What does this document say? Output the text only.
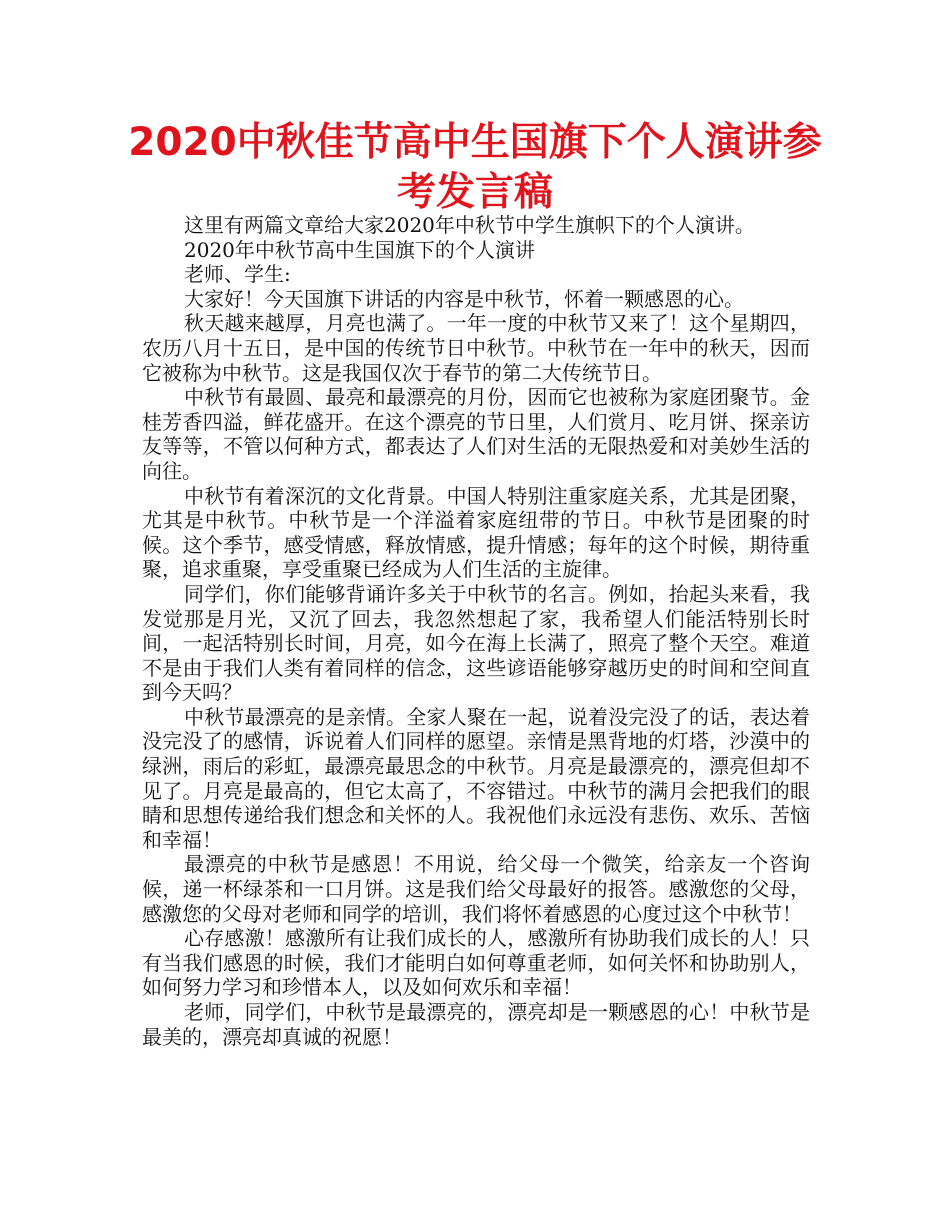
2020中秋佳节高中生国旗下个人演讲参考发言稿

这里有两篇文章给大家2020年中秋节中学生旗帜下的个人演讲。

2020年中秋节高中生国旗下的个人演讲

老师、学生:

大家好！今天国旗下讲话的内容是中秋节，怀着一颗感恩的心。

秋天越来越厚，月亮也满了。一年一度的中秋节又来了！这个星期四，农历八月十五日，是中国的传统节日中秋节。中秋节在一年中的秋天，因而它被称为中秋节。这是我国仅次于春节的第二大传统节日。

中秋节有最圆、最亮和最漂亮的月份，因而它也被称为家庭团聚节。金桂芳香四溢，鲜花盛开。在这个漂亮的节日里，人们赏月、吃月饼、探亲访友等等，不管以何种方式，都表达了人们对生活的无限热爱和对美妙生活的向往。

中秋节有着深沉的文化背景。中国人特别注重家庭关系，尤其是团聚，尤其是中秋节。中秋节是一个洋溢着家庭纽带的节日。中秋节是团聚的时候。这个季节，感受情感，释放情感，提升情感；每年的这个时候，期待重聚，追求重聚，享受重聚已经成为人们生活的主旋律。

同学们，你们能够背诵许多关于中秋节的名言。例如，抬起头来看，我发觉那是月光，又沉了回去，我忽然想起了家，我希望人们能活特别长时间，一起活特别长时间，月亮，如今在海上长满了，照亮了整个天空。难道不是由于我们人类有着同样的信念，这些谚语能够穿越历史的时间和空间直到今天吗？

中秋节最漂亮的是亲情。全家人聚在一起，说着没完没了的话，表达着没完没了的感情，诉说着人们同样的愿望。亲情是黑背地的灯塔，沙漠中的绿洲，雨后的彩虹，最漂亮最思念的中秋节。月亮是最漂亮的，漂亮但却不见了。月亮是最高的，但它太高了，不容错过。中秋节的满月会把我们的眼睛和思想传递给我们想念和关怀的人。我祝他们永远没有悲伤、欢乐、苦恼和幸福！

最漂亮的中秋节是感恩！不用说，给父母一个微笑，给亲友一个咨询候，递一杯绿茶和一口月饼。这是我们给父母最好的报答。感激您的父母，感激您的父母对老师和同学的培训，我们将怀着感恩的心度过这个中秋节！

心存感激！感激所有让我们成长的人，感激所有协助我们成长的人！只有当我们感恩的时候，我们才能明白如何尊重老师，如何关怀和协助别人，如何努力学习和珍惜本人，以及如何欢乐和幸福！

老师，同学们，中秋节是最漂亮的，漂亮却是一颗感恩的心！中秋节是最美的，漂亮却真诚的祝愿！
